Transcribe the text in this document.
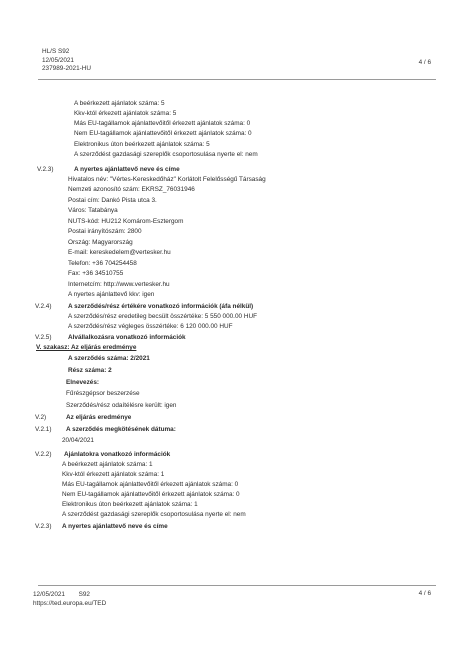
HL/S S92
12/05/2021
237989-2021-HU
4 / 6
A beérkezett ajánlatok száma: 5
Kkv-któl érkezett ajánlatok száma: 5
Más EU-tagállamok ajánlattevőitől érkezett ajánlatok száma: 0
Nem EU-tagállamok ajánlattevőitől érkezett ajánlatok száma: 0
Elektronikus úton beérkezett ajánlatok száma: 5
A szerződést gazdasági szereplők csoportosulása nyerte el: nem
V.2.3)	A nyertes ajánlattevő neve és címe
Hivatalos név: "Vértes-Kereskedőház" Korlátolt Felelősségű Társaság
Nemzeti azonosító szám: EKRSZ_76031946
Postai cím: Dankó Pista utca 3.
Város: Tatabánya
NUTS-kód: HU212 Komárom-Esztergom
Postai irányítószám: 2800
Ország: Magyarország
E-mail: kereskedelem@vertesker.hu
Telefon: +36 704254458
Fax: +36 34510755
Internetcím: http://www.vertesker.hu
A nyertes ajánlattevő kkv: igen
V.2.4)	A szerződés/rész értékére vonatkozó információk (áfa nélkül)
A szerződés/rész eredetileg becsült összértéke: 5 550 000.00 HUF
A szerződés/rész végleges összértéke: 6 120 000.00 HUF
V.2.5)	Alvállalkozásra vonatkozó információk
V. szakasz: Az eljárás eredménye
A szerződés száma: 2/2021
Rész száma: 2
Elnevezés:
Fűrészgépsor beszerzése
Szerződés/rész odaítélésre került: igen
V.2)	Az eljárás eredménye
V.2.1) A szerződés megkötésének dátuma:
20/04/2021
V.2.2) Ajánlatokra vonatkozó információk
A beérkezett ajánlatok száma: 1
Kkv-któl érkezett ajánlatok száma: 1
Más EU-tagállamok ajánlattevőitől érkezett ajánlatok száma: 0
Nem EU-tagállamok ajánlattevőitől érkezett ajánlatok száma: 0
Elektronikus úton beérkezett ajánlatok száma: 1
A szerződést gazdasági szereplők csoportosulása nyerte el: nem
V.2.3) A nyertes ajánlattevő neve és címe
12/05/2021 S92
https://ted.europa.eu/TED
4 / 6
